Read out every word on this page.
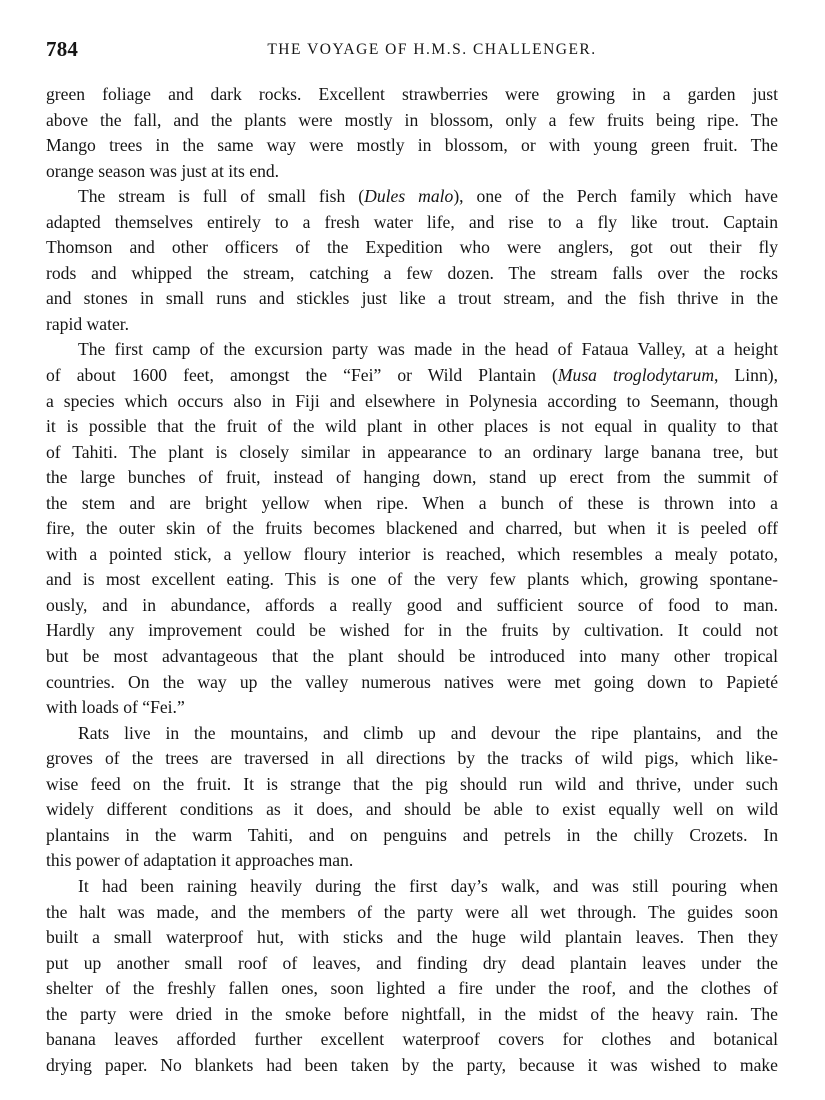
784	THE VOYAGE OF H.M.S. CHALLENGER.
green foliage and dark rocks. Excellent strawberries were growing in a garden just
above the fall, and the plants were mostly in blossom, only a few fruits being ripe. The
Mango trees in the same way were mostly in blossom, or with young green fruit. The
orange season was just at its end.
The stream is full of small fish (Dules malo), one of the Perch family which have
adapted themselves entirely to a fresh water life, and rise to a fly like trout. Captain
Thomson and other officers of the Expedition who were anglers, got out their fly
rods and whipped the stream, catching a few dozen. The stream falls over the rocks
and stones in small runs and stickles just like a trout stream, and the fish thrive in the
rapid water.
The first camp of the excursion party was made in the head of Fataua Valley, at a height
of about 1600 feet, amongst the “Fei” or Wild Plantain (Musa troglodytarum, Linn),
a species which occurs also in Fiji and elsewhere in Polynesia according to Seemann, though
it is possible that the fruit of the wild plant in other places is not equal in quality to that
of Tahiti. The plant is closely similar in appearance to an ordinary large banana tree, but
the large bunches of fruit, instead of hanging down, stand up erect from the summit of
the stem and are bright yellow when ripe. When a bunch of these is thrown into a
fire, the outer skin of the fruits becomes blackened and charred, but when it is peeled off
with a pointed stick, a yellow floury interior is reached, which resembles a mealy potato,
and is most excellent eating. This is one of the very few plants which, growing spontane-
ously, and in abundance, affords a really good and sufficient source of food to man.
Hardly any improvement could be wished for in the fruits by cultivation. It could not
but be most advantageous that the plant should be introduced into many other tropical
countries. On the way up the valley numerous natives were met going down to Papieté
with loads of “Fei.”
Rats live in the mountains, and climb up and devour the ripe plantains, and the
groves of the trees are traversed in all directions by the tracks of wild pigs, which like-
wise feed on the fruit. It is strange that the pig should run wild and thrive, under such
widely different conditions as it does, and should be able to exist equally well on wild
plantains in the warm Tahiti, and on penguins and petrels in the chilly Crozets. In
this power of adaptation it approaches man.
It had been raining heavily during the first day’s walk, and was still pouring when
the halt was made, and the members of the party were all wet through. The guides soon
built a small waterproof hut, with sticks and the huge wild plantain leaves. Then they
put up another small roof of leaves, and finding dry dead plantain leaves under the
shelter of the freshly fallen ones, soon lighted a fire under the roof, and the clothes of
the party were dried in the smoke before nightfall, in the midst of the heavy rain. The
banana leaves afforded further excellent waterproof covers for clothes and botanical
drying paper. No blankets had been taken by the party, because it was wished to make
